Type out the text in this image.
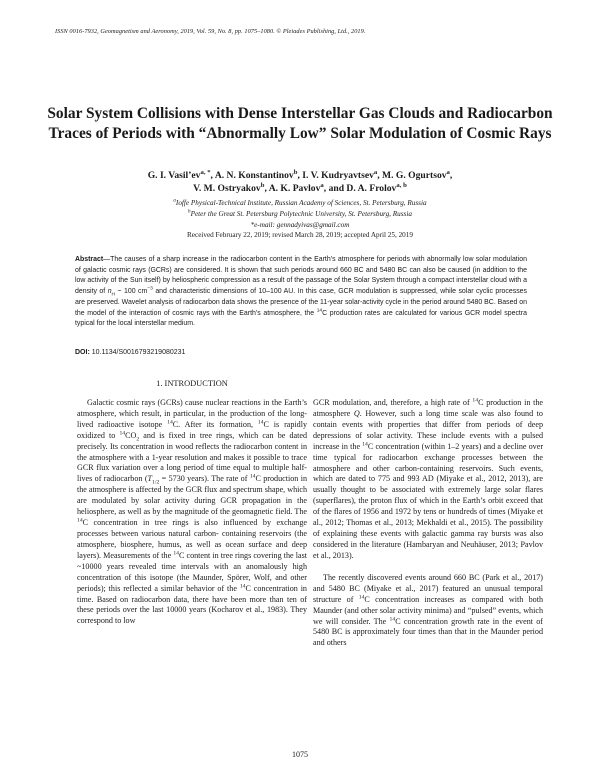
ISSN 0016-7932, Geomagnetism and Aeronomy, 2019, Vol. 59, No. 8, pp. 1075–1080. © Pleiades Publishing, Ltd., 2019.
Solar System Collisions with Dense Interstellar Gas Clouds and Radiocarbon Traces of Periods with “Abnormally Low” Solar Modulation of Cosmic Rays
G. I. $Vasil’ev^{a, *}$, A. N. Konstantinov$^b$, I. V. Kudryavtsev$^a$, M. G. Ogurtsov$^a$,
V. M. Ostryakov$^b$, A. K. Pavlov$^a$, and D. A. Frolov$^{a, b}$
$^a$Ioffe Physical-Technical Institute, Russian Academy of Sciences, St. Petersburg, Russia
$^b$Peter the Great St. Petersburg Polytechnic University, St. Petersburg, Russia
*e-mail: gennadyivas@gmail.com
Received February 22, 2019; revised March 28, 2019; accepted April 25, 2019
Abstract—The causes of a sharp increase in the radiocarbon content in the Earth’s atmosphere for periods with abnormally low solar modulation of galactic cosmic rays (GCRs) are considered. It is shown that such periods around 660 BC and 5480 BC can also be caused (in addition to the low activity of the Sun itself) by heliospheric compression as a result of the passage of the Solar System through a compact interstellar cloud with a density of $n_H$ ~ 100 $cm^{-3}$ and characteristic dimensions of 10–100 AU. In this case, GCR modulation is suppressed, while solar cyclic processes are preserved. Wavelet analysis of radiocarbon data shows the presence of the 11-year solar-activity cycle in the period around 5480 BC. Based on the model of the interaction of cosmic rays with the Earth’s atmosphere, the $^{14}$C production rates are calculated for various GCR model spectra typical for the local interstellar medium.
DOI: 10.1134/S0016793219080231
1. INTRODUCTION

Galactic cosmic rays (GCRs) cause nuclear reactions in the Earth’s atmosphere, which result, in particular, in the production of the long-lived radioactive isotope $^{14}$C. After its formation, $^{14}$C is rapidly oxidized to $^{14}CO_2$ and is fixed in tree rings, which can be dated precisely. Its concentration in wood reflects the radiocarbon content in the atmosphere with a 1-year resolution and makes it possible to trace GCR flux variation over a long period of time equal to multiple half-lives of radiocarbon ($T_{1/2} = 5730$ years). The rate of $^{14}$C production in the atmosphere is affected by the GCR flux and spectrum shape, which are modulated by solar activity during GCR propagation in the heliosphere, as well as by the magnitude of the geomagnetic field. The $^{14}$C concentration in tree rings is also influenced by exchange processes between various natural carbon- containing reservoirs (the atmosphere, biosphere, humus, as well as ocean surface and deep layers). Measurements of the $^{14}$C content in tree rings covering the last ~10000 years revealed time intervals with an anomalously high concentration of this isotope (the Maunder, Spörer, Wolf, and other periods); this reflected a similar behavior of the $^{14}$C concentration in time. Based on radiocarbon data, there have been more than ten of these periods over the last 10000 years (Kocharov et al., 1983). They correspond to low

GCR modulation, and, therefore, a high rate of $^{14}$C production in the atmosphere Q. However, such a long time scale was also found to contain events with properties that differ from periods of deep depressions of solar activity. These include events with a pulsed increase in the $^{14}$C concentration (within 1–2 years) and a decline over time typical for radiocarbon exchange processes between the atmosphere and other carbon-containing reservoirs. Such events, which are dated to 775 and 993 AD (Miyake et al., 2012, 2013), are usually thought to be associated with extremely large solar flares (superflares), the proton flux of which in the Earth’s orbit exceed that of the flares of 1956 and 1972 by tens or hundreds of times (Miyake et al., 2012; Thomas et al., 2013; Mekhaldi et al., 2015). The possibility of explaining these events with galactic gamma ray bursts was also considered in the literature (Hambaryan and Neuhäuser, 2013; Pavlov et al., 2013).

The recently discovered events around 660 BC (Park et al., 2017) and 5480 BC (Miyake et al., 2017) featured an unusual temporal structure of $^{14}$C concentration increases as compared with both Maunder (and other solar activity minima) and “pulsed” events, which we will consider. The $^{14}$C concentration growth rate in the event of 5480 BC is approximately four times than that in the Maunder period and others

1075
